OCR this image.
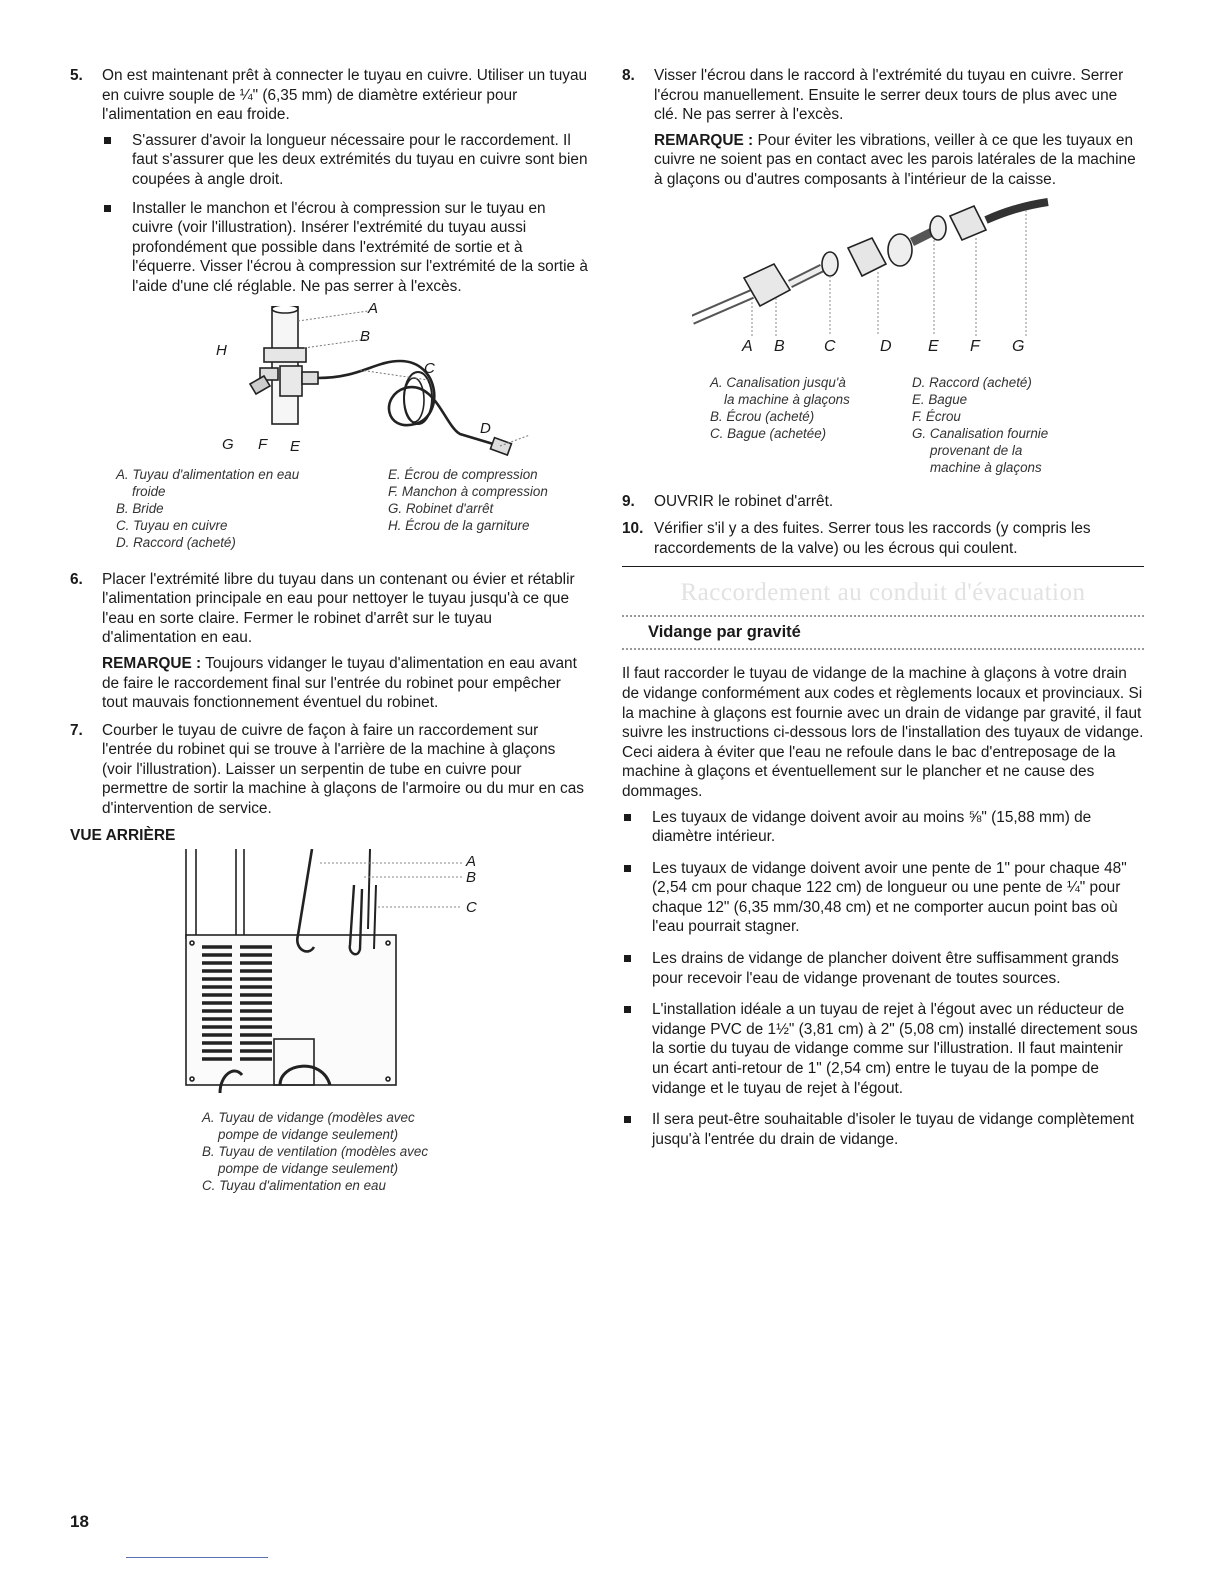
5. On est maintenant prêt à connecter le tuyau en cuivre. Utiliser un tuyau en cuivre souple de ¼" (6,35 mm) de diamètre extérieur pour l'alimentation en eau froide.
S'assurer d'avoir la longueur nécessaire pour le raccordement. Il faut s'assurer que les deux extrémités du tuyau en cuivre sont bien coupées à angle droit.
Installer le manchon et l'écrou à compression sur le tuyau en cuivre (voir l'illustration). Insérer l'extrémité du tuyau aussi profondément que possible dans l'extrémité de sortie et à l'équerre. Visser l'écrou à compression sur l'extrémité de la sortie à l'aide d'une clé réglable. Ne pas serrer à l'excès.
A
B
C
D
E
F
G
H
A. Tuyau d'alimentation en eau
froide
B. Bride
C. Tuyau en cuivre
D. Raccord (acheté)
E. Écrou de compression
F. Manchon à compression
G. Robinet d'arrêt
H. Écrou de la garniture
6. Placer l'extrémité libre du tuyau dans un contenant ou évier et rétablir l'alimentation principale en eau pour nettoyer le tuyau jusqu'à ce que l'eau en sorte claire. Fermer le robinet d'arrêt sur le tuyau d'alimentation en eau.
REMARQUE : Toujours vidanger le tuyau d'alimentation en eau avant de faire le raccordement final sur l'entrée du robinet pour empêcher tout mauvais fonctionnement éventuel du robinet.
7. Courber le tuyau de cuivre de façon à faire un raccordement sur l'entrée du robinet qui se trouve à l'arrière de la machine à glaçons (voir l'illustration). Laisser un serpentin de tube en cuivre pour permettre de sortir la machine à glaçons de l'armoire ou du mur en cas d'intervention de service.
VUE ARRIÈRE
A
B
C
A. Tuyau de vidange (modèles avec
pompe de vidange seulement)
B. Tuyau de ventilation (modèles avec
pompe de vidange seulement)
C. Tuyau d'alimentation en eau
8. Visser l'écrou dans le raccord à l'extrémité du tuyau en cuivre. Serrer l'écrou manuellement. Ensuite le serrer deux tours de plus avec une clé. Ne pas serrer à l'excès.
REMARQUE : Pour éviter les vibrations, veiller à ce que les tuyaux en cuivre ne soient pas en contact avec les parois latérales de la machine à glaçons ou d'autres composants à l'intérieur de la caisse.
A B C	D E F G
A. Canalisation jusqu'à
la machine à glaçons
B. Écrou (acheté)
C. Bague (achetée)
D. Raccord (acheté)
E. Bague
F. Écrou
G. Canalisation fournie
provenant de la
machine à glaçons
9. OUVRIR le robinet d'arrêt.
10. Vérifier s'il y a des fuites. Serrer tous les raccords (y compris les raccordements de la valve) ou les écrous qui coulent.
Raccordement au conduit d'évacuation
Vidange par gravité
Il faut raccorder le tuyau de vidange de la machine à glaçons à votre drain de vidange conformément aux codes et règlements locaux et provinciaux. Si la machine à glaçons est fournie avec un drain de vidange par gravité, il faut suivre les instructions ci-dessous lors de l'installation des tuyaux de vidange. Ceci aidera à éviter que l'eau ne refoule dans le bac d'entreposage de la machine à glaçons et éventuellement sur le plancher et ne cause des dommages.
Les tuyaux de vidange doivent avoir au moins ⅝" (15,88 mm) de diamètre intérieur.
Les tuyaux de vidange doivent avoir une pente de 1" pour chaque 48" (2,54 cm pour chaque 122 cm) de longueur ou une pente de ¼" pour chaque 12" (6,35 mm/30,48 cm) et ne comporter aucun point bas où l'eau pourrait stagner.
Les drains de vidange de plancher doivent être suffisamment grands pour recevoir l'eau de vidange provenant de toutes sources.
L'installation idéale a un tuyau de rejet à l'égout avec un réducteur de vidange PVC de 1½" (3,81 cm) à 2" (5,08 cm) installé directement sous la sortie du tuyau de vidange comme sur l'illustration. Il faut maintenir un écart anti-retour de 1" (2,54 cm) entre le tuyau de la pompe de vidange et le tuyau de rejet à l'égout.
Il sera peut-être souhaitable d'isoler le tuyau de vidange complètement jusqu'à l'entrée du drain de vidange.
18
